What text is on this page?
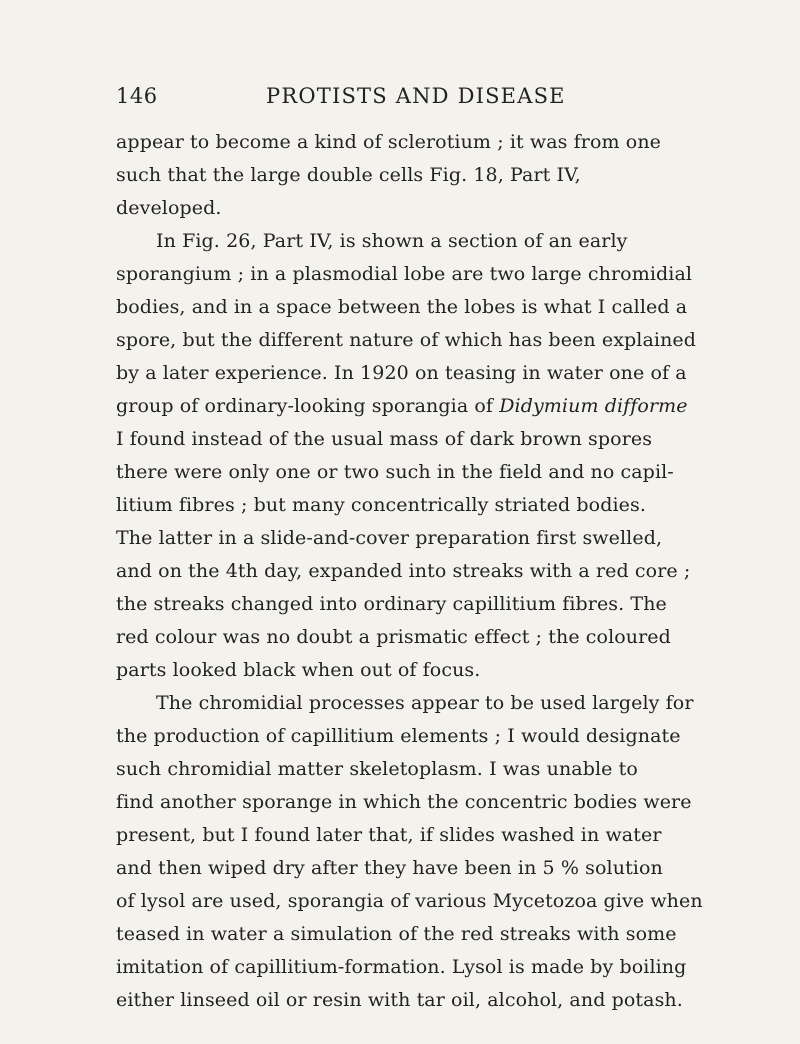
146	PROTISTS AND DISEASE
appear to become a kind of sclerotium ; it was from one
such that the large double cells Fig. 18, Part IV,
developed.
In Fig. 26, Part IV, is shown a section of an early
sporangium ; in a plasmodial lobe are two large chromidial
bodies, and in a space between the lobes is what I called a
spore, but the different nature of which has been explained
by a later experience. In 1920 on teasing in water one of a
group of ordinary-looking sporangia of Didymium difforme
I found instead of the usual mass of dark brown spores
there were only one or two such in the field and no capil-
litium fibres ; but many concentrically striated bodies.
The latter in a slide-and-cover preparation first swelled,
and on the 4th day, expanded into streaks with a red core ;
the streaks changed into ordinary capillitium fibres. The
red colour was no doubt a prismatic effect ; the coloured
parts looked black when out of focus.
The chromidial processes appear to be used largely for
the production of capillitium elements ; I would designate
such chromidial matter skeletoplasm. I was unable to
find another sporange in which the concentric bodies were
present, but I found later that, if slides washed in water
and then wiped dry after they have been in 5 % solution
of lysol are used, sporangia of various Mycetozoa give when
teased in water a simulation of the red streaks with some
imitation of capillitium-formation. Lysol is made by boiling
either linseed oil or resin with tar oil, alcohol, and potash.
